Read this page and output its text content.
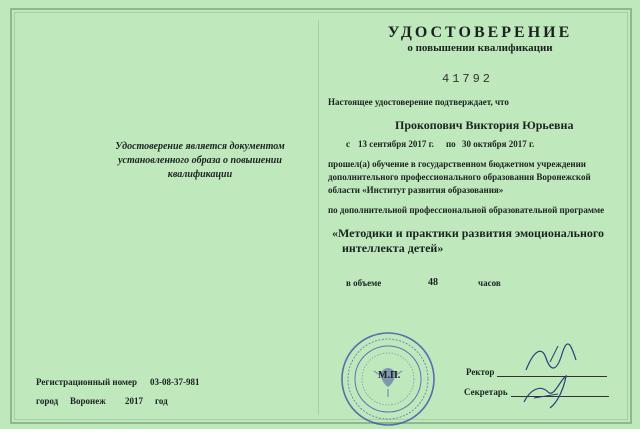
УДОСТОВЕРЕНИЕ
о повышении квалификации
41792
Удостоверение является документом
установленного образа о повышении квалификации
Регистрационный номер 03-08-37-981
город Воронеж 2017 год
Настоящее удостоверение подтверждает, что
Прокопович Виктория Юрьевна
с 13 сентября 2017 г. по 30 октября 2017 г.
прошел(а) обучение в государственном бюджетном учреждении
дополнительного профессионального образования Воронежской
области «Институт развития образования»
по дополнительной профессиональной образовательной программе
«Методики и практики развития эмоционального
интеллекта детей»
в объеме	48	часов
М.П.	Ректор
Секретарь
